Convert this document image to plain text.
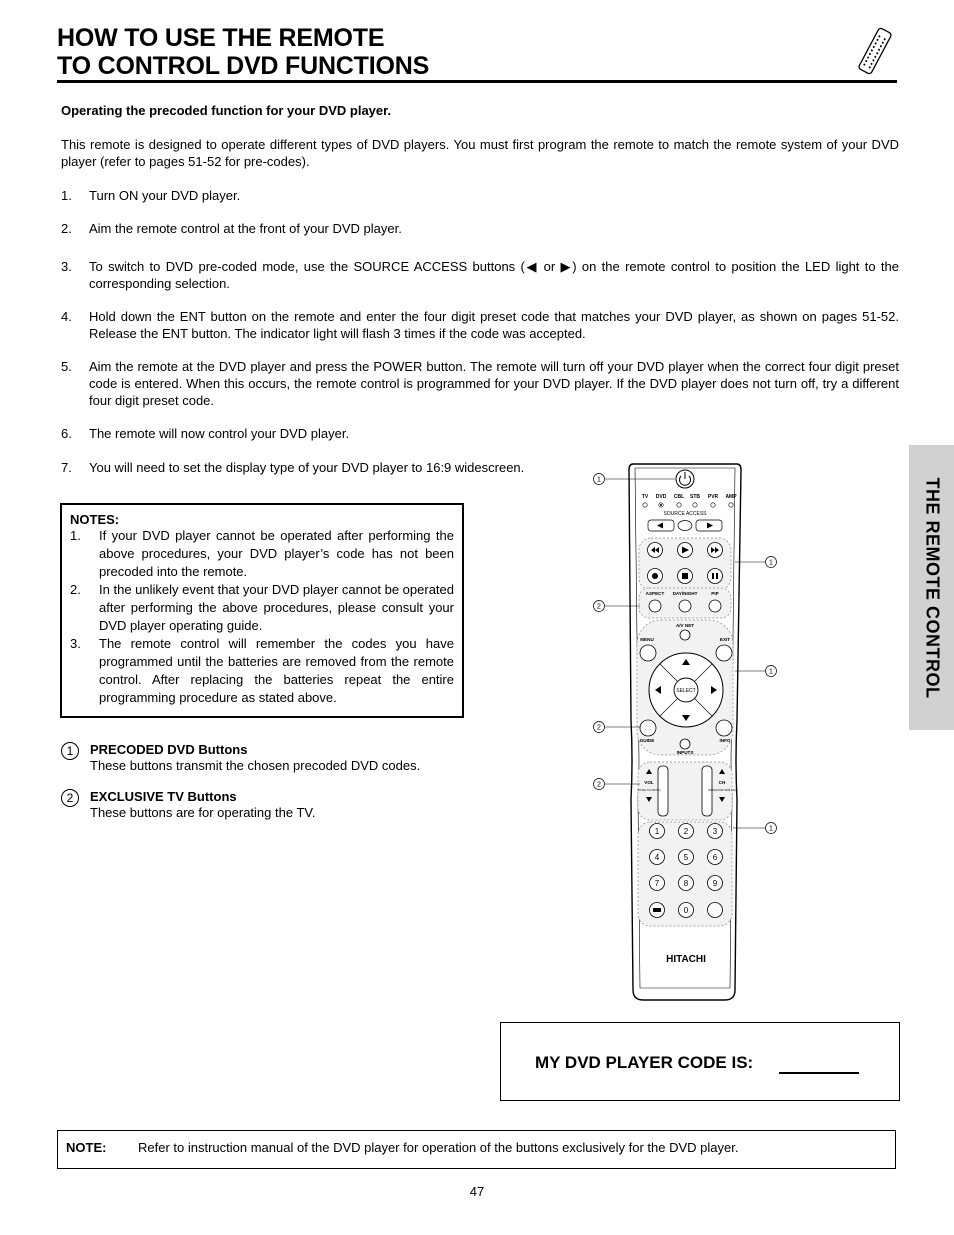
HOW TO USE THE REMOTE
TO CONTROL DVD FUNCTIONS
THE REMOTE CONTROL
Operating the precoded function for your DVD player.
This remote is designed to operate different types of DVD players. You must first program the remote to match the remote system of your DVD player (refer to pages 51-52 for pre-codes).
1.	Turn ON your DVD player.
2.	Aim the remote control at the front of your DVD player.
3.	To switch to DVD pre-coded mode, use the SOURCE ACCESS buttons (◀ or ▶) on the remote control to position the LED light to the corresponding selection.
4.	Hold down the ENT button on the remote and enter the four digit preset code that matches your DVD player, as shown on pages 51-52. Release the ENT button. The indicator light will flash 3 times if the code was accepted.
5.	Aim the remote at the DVD player and press the POWER button. The remote will turn off your DVD player when the correct four digit preset code is entered. When this occurs, the remote control is programmed for your DVD player. If the DVD player does not turn off, try a different four digit preset code.
6.	The remote will now control your DVD player.
7.	You will need to set the display type of your DVD player to 16:9 widescreen.
NOTES:
1. If your DVD player cannot be operated after performing the above procedures, your DVD player’s code has not been precoded into the remote.
2. In the unlikely event that your DVD player cannot be operated after performing the above procedures, please consult your DVD player operating guide.
3. The remote control will remember the codes you have programmed until the batteries are removed from the remote control. After replacing the batteries repeat the entire programming procedure as stated above.
1	PRECODED DVD Buttons
These buttons transmit the chosen precoded DVD codes.
2	EXCLUSIVE TV Buttons
These buttons are for operating the TV.
TV DVD CBL STB PVR AMP
SOURCE ACCESS
ASPECT DAY/NIGHT	PIP
A/V NET
MENU	EXIT
SELECT
GUIDE
INPUTS
INFO
VOL	CH
(PUSH TO MUTE)	(PUSH FOR SUB CH)
1	2	3
4	5	6
7	8	9
0
HITACHI
1
1
2
1
2
2
1
MY DVD PLAYER CODE IS:
NOTE: Refer to instruction manual of the DVD player for operation of the buttons exclusively for the DVD player.
47
